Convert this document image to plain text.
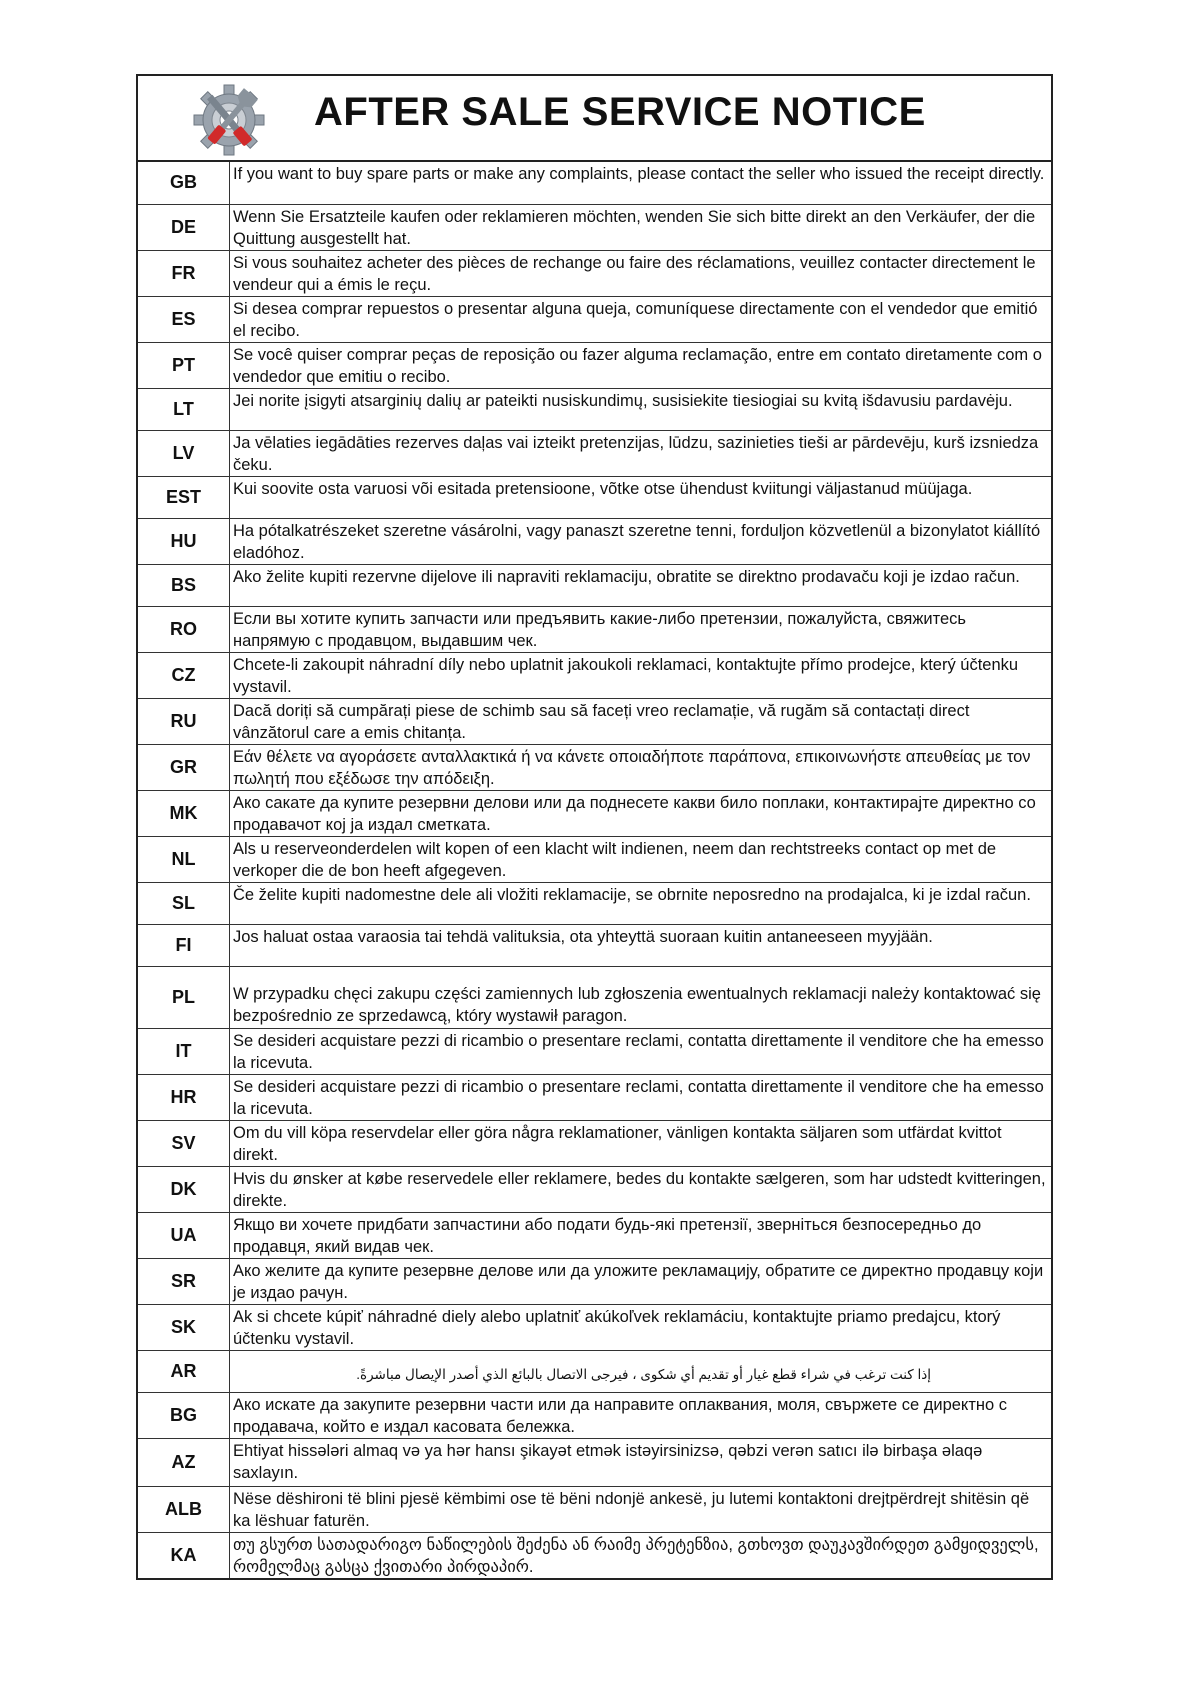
AFTER SALE SERVICE NOTICE
GB	If you want to buy spare parts or make any complaints, please contact the seller who issued the receipt directly.
DE	Wenn Sie Ersatzteile kaufen oder reklamieren möchten, wenden Sie sich bitte direkt an den Verkäufer, der die Quittung ausgestellt hat.
FR	Si vous souhaitez acheter des pièces de rechange ou faire des réclamations, veuillez contacter directement le vendeur qui a émis le reçu.
ES	Si desea comprar repuestos o presentar alguna queja, comuníquese directamente con el vendedor que emitió el recibo.
PT	Se você quiser comprar peças de reposição ou fazer alguma reclamação, entre em contato diretamente com o vendedor que emitiu o recibo.
LT	Jei norite įsigyti atsarginių dalių ar pateikti nusiskundimų, susisiekite tiesiogiai su kvitą išdavusiu pardavėju.
LV	Ja vēlaties iegādāties rezerves daļas vai izteikt pretenzijas, lūdzu, sazinieties tieši ar pārdevēju, kurš izsniedza čeku.
EST	Kui soovite osta varuosi või esitada pretensioone, võtke otse ühendust kviitungi väljastanud müüjaga.
HU	Ha pótalkatrészeket szeretne vásárolni, vagy panaszt szeretne tenni, forduljon közvetlenül a bizonylatot kiállító eladóhoz.
BS	Ako želite kupiti rezervne dijelove ili napraviti reklamaciju, obratite se direktno prodavaču koji je izdao račun.
RO	Если вы хотите купить запчасти или предъявить какие-либо претензии, пожалуйста, свяжитесь напрямую с продавцом, выдавшим чек.
CZ	Chcete-li zakoupit náhradní díly nebo uplatnit jakoukoli reklamaci, kontaktujte přímo prodejce, který účtenku vystavil.
RU	Dacă doriți să cumpărați piese de schimb sau să faceți vreo reclamație, vă rugăm să contactați direct vânzătorul care a emis chitanța.
GR	Εάν θέλετε να αγοράσετε ανταλλακτικά ή να κάνετε οποιαδήποτε παράπονα, επικοινωνήστε απευθείας με τον πωλητή που εξέδωσε την απόδειξη.
MK	Ако сакате да купите резервни делови или да поднесете какви било поплаки, контактирајте директно со продавачот кој ја издал сметката.
NL	Als u reserveonderdelen wilt kopen of een klacht wilt indienen, neem dan rechtstreeks contact op met de verkoper die de bon heeft afgegeven.
SL	Če želite kupiti nadomestne dele ali vložiti reklamacije, se obrnite neposredno na prodajalca, ki je izdal račun.
FI	Jos haluat ostaa varaosia tai tehdä valituksia, ota yhteyttä suoraan kuitin antaneeseen myyjään.
PL	W przypadku chęci zakupu części zamiennych lub zgłoszenia ewentualnych reklamacji należy kontaktować się bezpośrednio ze sprzedawcą, który wystawił paragon.
IT	Se desideri acquistare pezzi di ricambio o presentare reclami, contatta direttamente il venditore che ha emesso la ricevuta.
HR	Se desideri acquistare pezzi di ricambio o presentare reclami, contatta direttamente il venditore che ha emesso la ricevuta.
SV	Om du vill köpa reservdelar eller göra några reklamationer, vänligen kontakta säljaren som utfärdat kvittot direkt.
DK	Hvis du ønsker at købe reservedele eller reklamere, bedes du kontakte sælgeren, som har udstedt kvitteringen, direkte.
UA	Якщо ви хочете придбати запчастини або подати будь-які претензії, зверніться безпосередньо до продавця, який видав чек.
SR	Ако желите да купите резервне делове или да уложите рекламацију, обратите се директно продавцу који је издао рачун.
SK	Ak si chcete kúpiť náhradné diely alebo uplatniť akúkoľvek reklamáciu, kontaktujte priamo predajcu, ktorý účtenku vystavil.
AR	إذا كنت ترغب في شراء قطع غيار أو تقديم أي شكوى ، فيرجى الاتصال بالبائع الذي أصدر الإيصال مباشرةً.
BG	Ако искате да закупите резервни части или да направите оплаквания, моля, свържете се директно с продавача, който е издал касовата бележка.
AZ	Ehtiyat hissələri almaq və ya hər hansı şikayət etmək istəyirsinizsə, qəbzi verən satıcı ilə birbaşa əlaqə saxlayın.
ALB	Nëse dëshironi të blini pjesë këmbimi ose të bëni ndonjë ankesë, ju lutemi kontaktoni drejtpërdrejt shitësin që ka lëshuar faturën.
KA	თუ გსურთ სათადარიგო ნაწილების შეძენა ან რაიმე პრეტენზია, გთხოვთ დაუკავშირდეთ გამყიდველს, რომელმაც გასცა ქვითარი პირდაპირ.
